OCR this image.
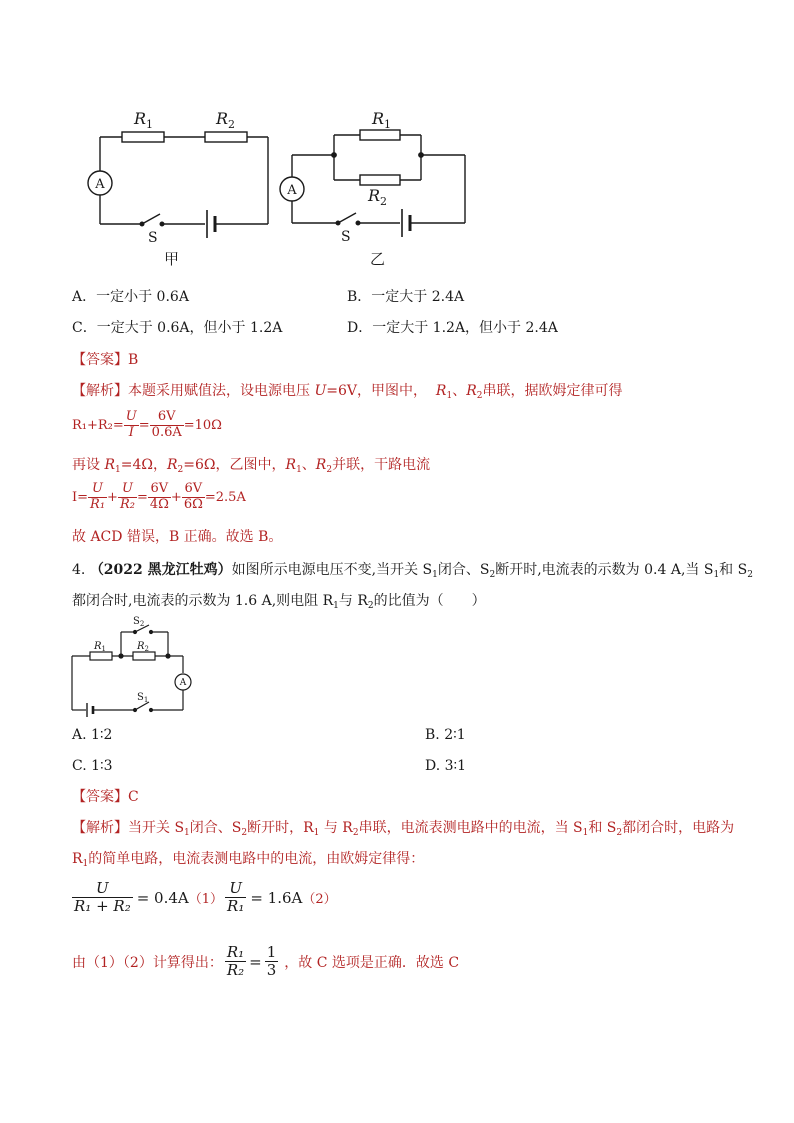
$R_1$	$R_2$
A
S
甲
$R_1$
$R_2$
A
S
乙
A．一定小于 0.6A	B．一定大于 2.4A
C．一定大于 0.6A，但小于 1.2A	D．一定大于 1.2A，但小于 2.4A
【答案】B
【解析】本题采用赋值法，设电源电压 U=6V，甲图中， $R_1$、$R_2$串联，据欧姆定律可得
$R_1+R_2= \frac{U}{I} = \frac{6V}{0.6A} =10\Omega$
再设 $R_1=4\Omega$，$R_2=6\Omega$，乙图中，$R_1$、$R_2$并联，干路电流
$I= \frac{U}{\text{R₁}} + \frac{U}{\text{R₂}} = \frac{6V}{4\Omega} + \frac{6V}{6\Omega} =2.5A$
故 ACD 错误，B 正确。故选 B。
4. （2022 黑龙江牡鸡）如图所示电源电压不变,当开关 $S_1$闭合、$S_2$断开时,电流表的示数为 0.4 A,当 $S_1$和 $S_2$
都闭合时,电流表的示数为 1.6 A,则电阻 $R_1$与 $R_2$的比值为（　　）
$R_1$	$R_2$
$S_2$
$S_1$
A
A. 1∶2	B. 2∶1
C. 1∶3	D. 3∶1
【答案】C
【解析】当开关 $S_1$闭合、$S_2$断开时，$R_1$ 与 $R_2$串联，电流表测电路中的电流，当 $S_1$和 $S_2$都闭合时，电路为
$R_1$的简单电路，电流表测电路中的电流，由欧姆定律得：
$\frac{U}{\text{R₁ + R₂}} = 0.4A$ $(1) \frac{U}{\text{R₁}} = 1.6A$ （2）
由（1）（2）计算得出： $\frac{\text{R₁}}{\text{R₂}} = \frac{1}{3}$ ，故 C 选项是正确．故选 C
